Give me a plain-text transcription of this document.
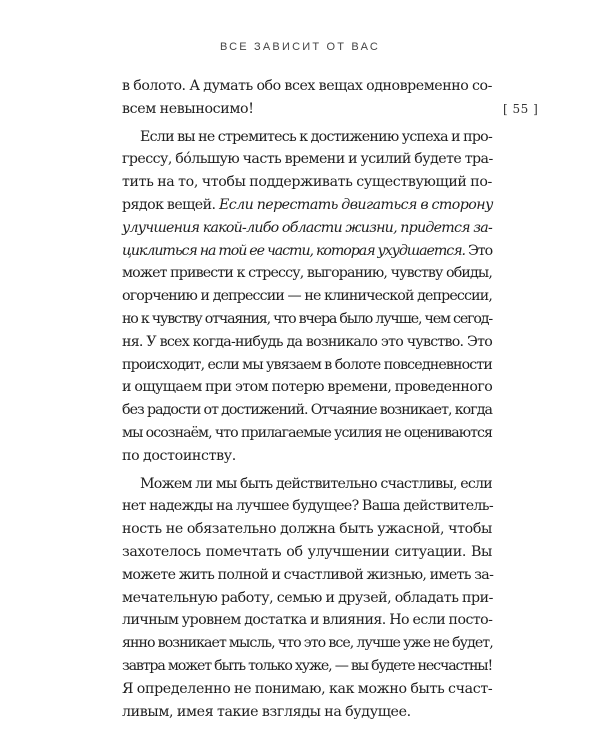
ВСЕ ЗАВИСИТ ОТ ВАС
[ 55 ]
в болото. А думать обо всех вещах одновременно со-
всем невыносимо!
Если вы не стремитесь к достижению успеха и про-
грессу, бóльшую часть времени и усилий будете тра-
тить на то, чтобы поддерживать существующий по-
рядок вещей. Если перестать двигаться в сторону
улучшения какой-либо области жизни, придется за-
циклиться на той ее части, которая ухудшается. Это
может привести к стрессу, выгоранию, чувству обиды,
огорчению и депрессии — не клинической депрессии,
но к чувству отчаяния, что вчера было лучше, чем сегод-
ня. У всех когда-нибудь да возникало это чувство. Это
происходит, если мы увязаем в болоте повседневности
и ощущаем при этом потерю времени, проведенного
без радости от достижений. Отчаяние возникает, когда
мы осознаём, что прилагаемые усилия не оцениваются
по достоинству.
Можем ли мы быть действительно счастливы, если
нет надежды на лучшее будущее? Ваша действитель-
ность не обязательно должна быть ужасной, чтобы
захотелось помечтать об улучшении ситуации. Вы
можете жить полной и счастливой жизнью, иметь за-
мечательную работу, семью и друзей, обладать при-
личным уровнем достатка и влияния. Но если посто-
янно возникает мысль, что это все, лучше уже не будет,
завтра может быть только хуже, — вы будете несчастны!
Я определенно не понимаю, как можно быть счаст-
ливым, имея такие взгляды на будущее.
